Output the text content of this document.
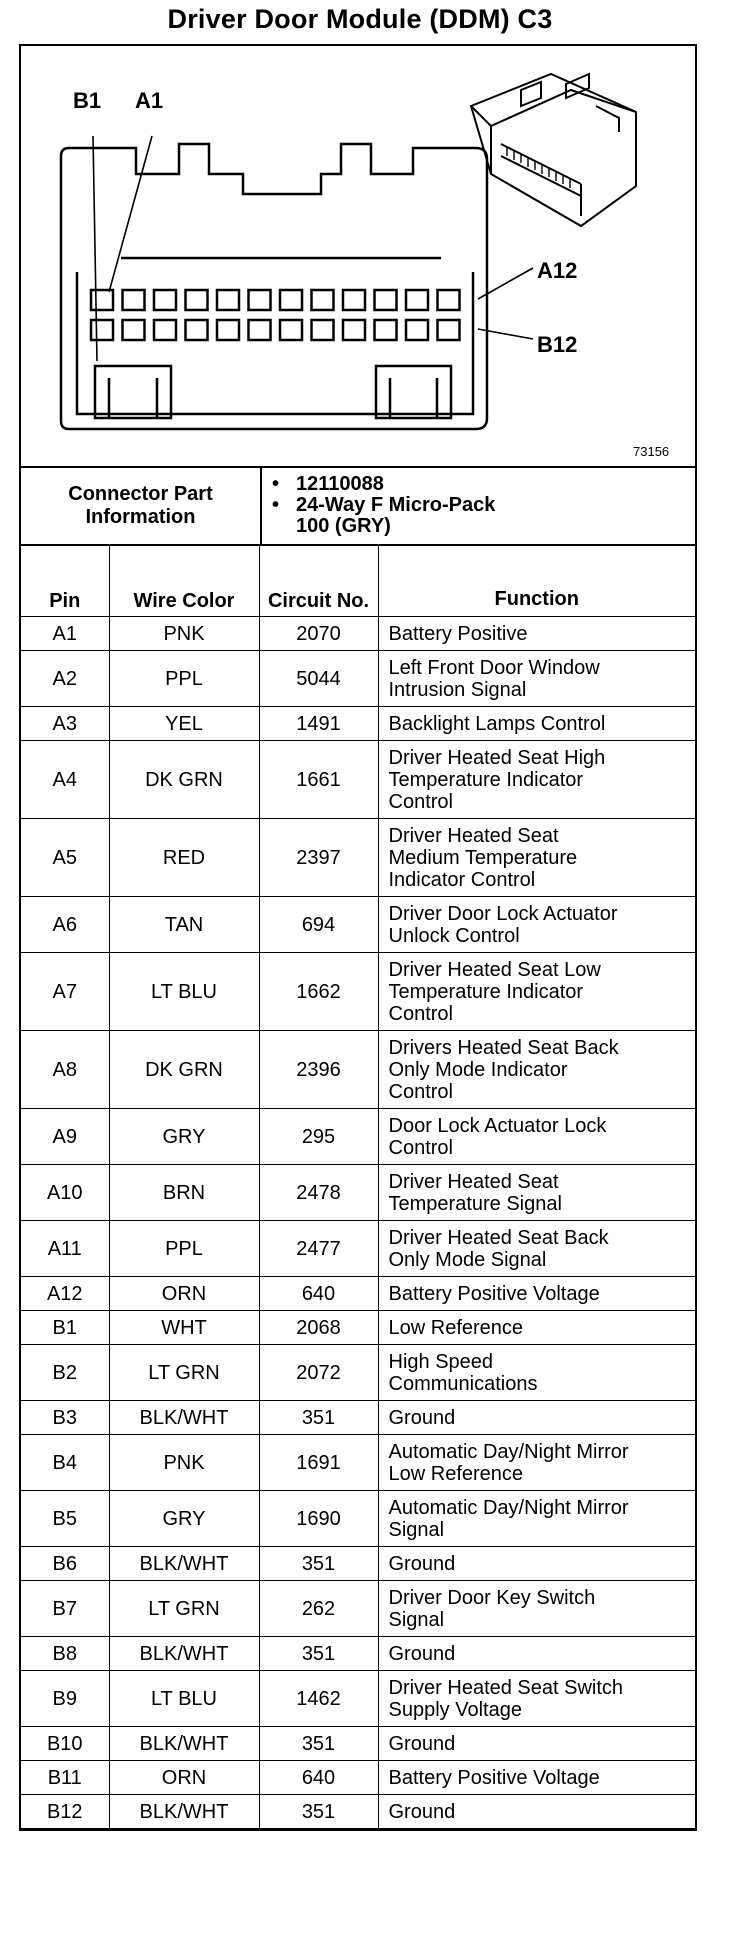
Driver Door Module (DDM) C3
B1 A1
A12
B12
73156
Connector Part Information
• 12110088
• 24-Way F Micro-Pack
100 (GRY)
Pin	Wire Color	Circuit No.	Function
A1	PNK	2070	Battery Positive

A2	PPL	5044	Left Front Door Window
Intrusion Signal

A3	YEL	1491	Backlight Lamps Control

A4	DK GRN	1661	Driver Heated Seat High
Temperature Indicator
Control

A5	RED	2397	Driver Heated Seat
Medium Temperature
Indicator Control

A6	TAN	694	Driver Door Lock Actuator
Unlock Control

A7	LT BLU	1662	Driver Heated Seat Low
Temperature Indicator
Control

A8	DK GRN	2396	Drivers Heated Seat Back
Only Mode Indicator
Control

A9	GRY	295	Door Lock Actuator Lock
Control

A10	BRN	2478	Driver Heated Seat
Temperature Signal

A11	PPL	2477	Driver Heated Seat Back
Only Mode Signal

A12	ORN	640	Battery Positive Voltage

B1	WHT	2068	Low Reference

B2	LT GRN	2072	High Speed
Communications

B3	BLK/WHT	351	Ground

B4	PNK	1691	Automatic Day/Night Mirror
Low Reference

B5	GRY	1690	Automatic Day/Night Mirror
Signal

B6	BLK/WHT	351	Ground

B7	LT GRN	262	Driver Door Key Switch
Signal

B8	BLK/WHT	351	Ground

B9	LT BLU	1462	Driver Heated Seat Switch
Supply Voltage

B10	BLK/WHT	351	Ground

B11	ORN	640	Battery Positive Voltage

B12	BLK/WHT	351	Ground
